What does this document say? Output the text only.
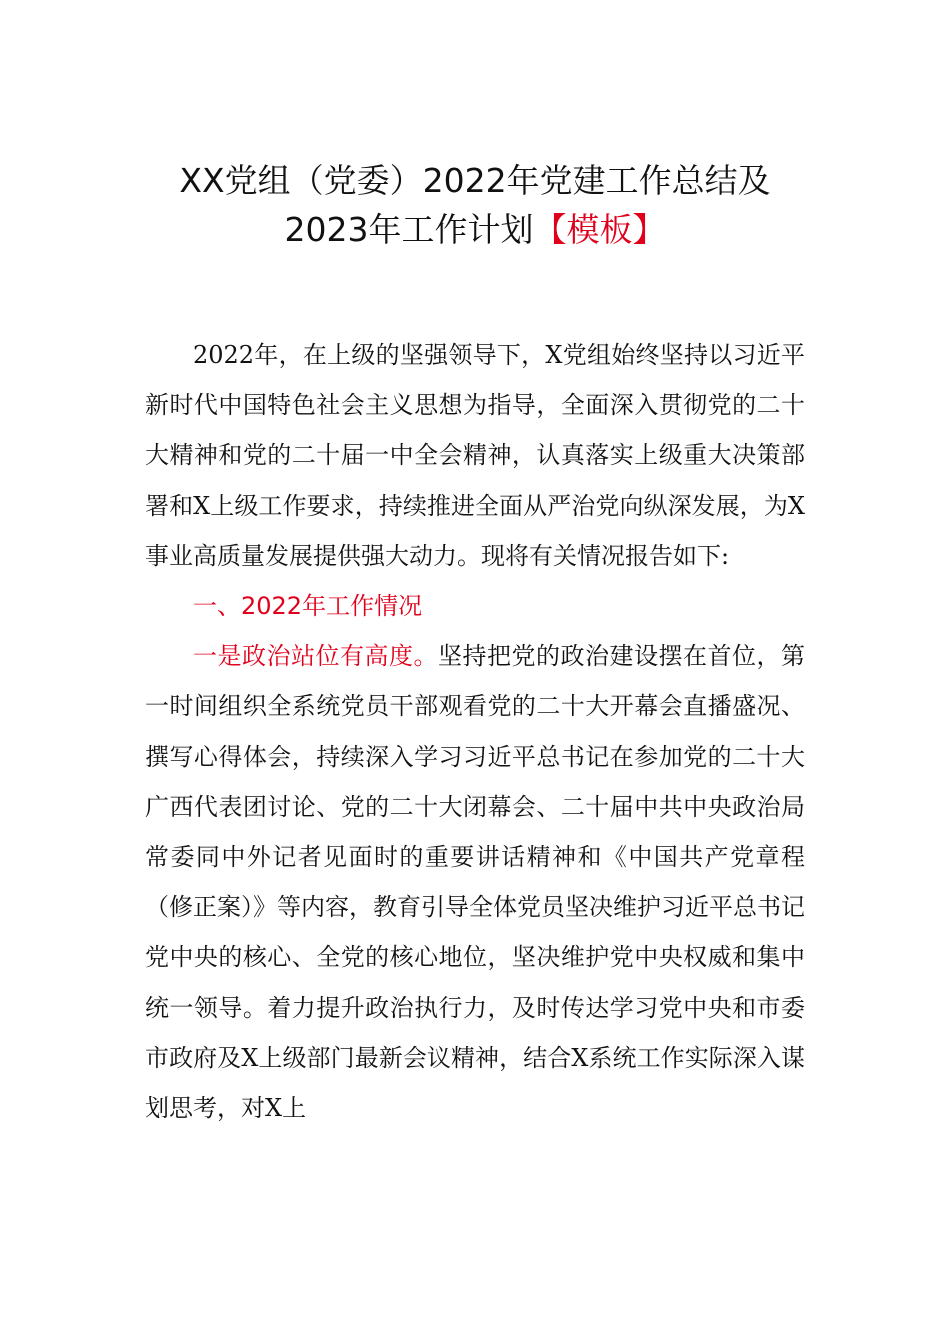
XX党组（党委）2022年党建工作总结及
2023年工作计划【模板】

2022年，在上级的坚强领导下，X党组始终坚持以习近平新时代中国特色社会主义思想为指导，全面深入贯彻党的二十大精神和党的二十届一中全会精神，认真落实上级重大决策部署和X上级工作要求，持续推进全面从严治党向纵深发展，为X事业高质量发展提供强大动力。现将有关情况报告如下:

一、2022年工作情况

一是政治站位有高度。坚持把党的政治建设摆在首位，第一时间组织全系统党员干部观看党的二十大开幕会直播盛况、撰写心得体会，持续深入学习习近平总书记在参加党的二十大广西代表团讨论、党的二十大闭幕会、二十届中共中央政治局常委同中外记者见面时的重要讲话精神和《中国共产党章程（修正案）》等内容，教育引导全体党员坚决维护习近平总书记党中央的核心、全党的核心地位，坚决维护党中央权威和集中统一领导。着力提升政治执行力，及时传达学习党中央和市委市政府及X上级部门最新会议精神，结合X系统工作实际深入谋划思考，对X上
